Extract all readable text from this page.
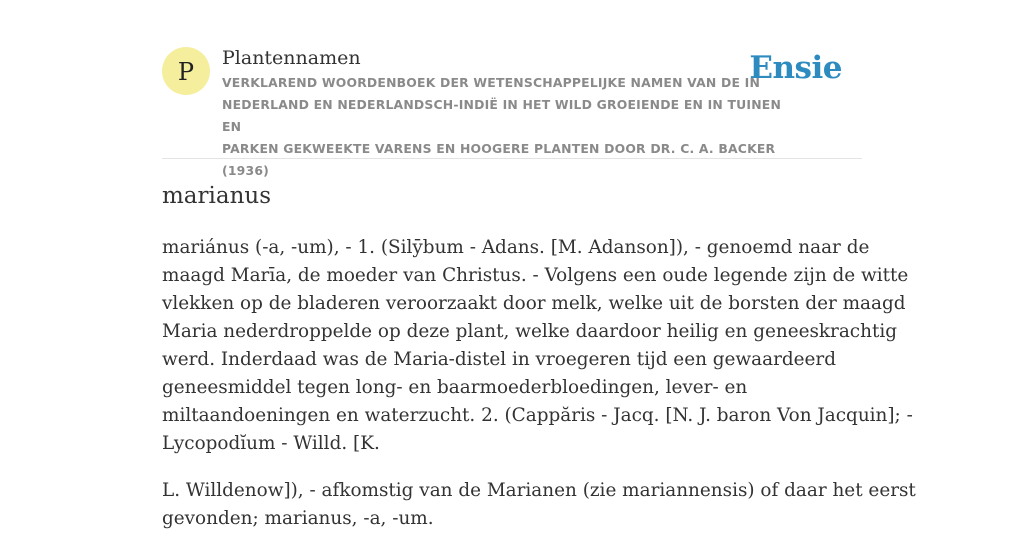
P Plantennamen
VERKLAREND WOORDENBOEK DER WETENSCHAPPELIJKE NAMEN VAN DE IN
NEDERLAND EN NEDERLANDSCH-INDIË IN HET WILD GROEIENDE EN IN TUINEN EN
PARKEN GEKWEEKTE VARENS EN HOOGERE PLANTEN DOOR DR. C. A. BACKER (1936)
Ensie
marianus

mariánus (-a, -um), - 1. (Silȳbum - Adans. [M. Adanson]), - genoemd naar de
maagd Marīa, de moeder van Christus. - Volgens een oude legende zijn de witte
vlekken op de bladeren veroorzaakt door melk, welke uit de borsten der maagd
Maria nederdroppelde op deze plant, welke daardoor heilig en geneeskrachtig
werd. Inderdaad was de Maria-distel in vroegeren tijd een gewaardeerd
geneesmiddel tegen long- en baarmoederbloedingen, lever- en
miltaandoeningen en waterzucht. 2. (Cappăris - Jacq. [N. J. baron Von Jacquin]; -
Lycopodĭum - Willd. [K.

L. Willdenow]), - afkomstig van de Marianen (zie mariannensis) of daar het eerst
gevonden; marianus, -a, -um.
